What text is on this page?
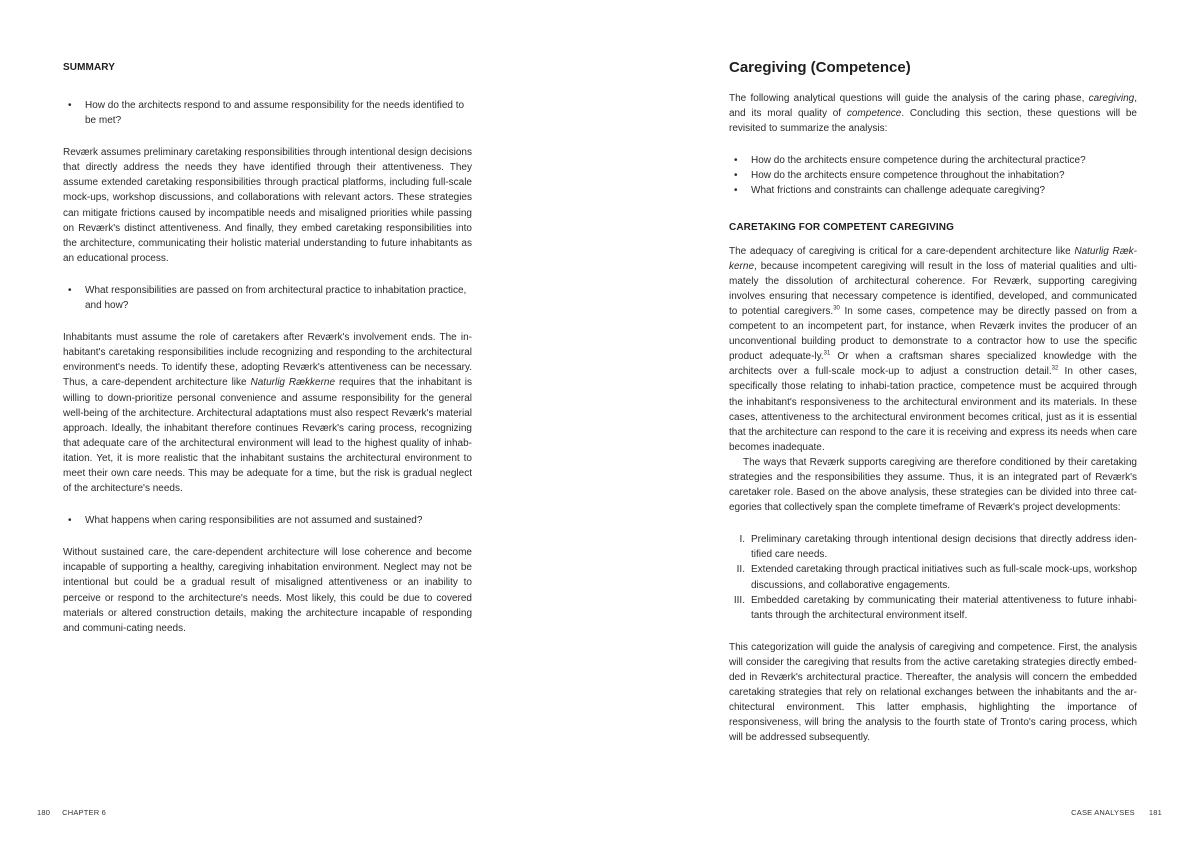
SUMMARY
• How do the architects respond to and assume responsibility for the needs identified to be met?

Reværk assumes preliminary caretaking responsibilities through intentional design decisions that directly address the needs they have identified through their attentiveness. They assume extended caretaking responsibilities through practical platforms, including full-scale mock-ups, workshop discussions, and collaborations with relevant actors. These strategies can mitigate frictions caused by incompatible needs and misaligned priorities while passing on Reværk's distinct attentiveness. And finally, they embed caretaking responsibilities into the architecture, communicating their holistic material understanding to future inhabitants as an educational process.

• What responsibilities are passed on from architectural practice to inhabitation practice, and how?

Inhabitants must assume the role of caretakers after Reværk's involvement ends. The in-habitant's caretaking responsibilities include recognizing and responding to the architectural environment's needs. To identify these, adopting Reværk's attentiveness can be necessary. Thus, a care-dependent architecture like Naturlig Rækkerne requires that the inhabitant is willing to down-prioritize personal convenience and assume responsibility for the general well-being of the architecture. Architectural adaptations must also respect Reværk's material approach. Ideally, the inhabitant therefore continues Reværk's caring process, recognizing that adequate care of the architectural environment will lead to the highest quality of inhab-itation. Yet, it is more realistic that the inhabitant sustains the architectural environment to meet their own care needs. This may be adequate for a time, but the risk is gradual neglect of the architecture's needs.

• What happens when caring responsibilities are not assumed and sustained?

Without sustained care, the care-dependent architecture will lose coherence and become incapable of supporting a healthy, caregiving inhabitation environment. Neglect may not be intentional but could be a gradual result of misaligned attentiveness or an inability to perceive or respond to the architecture's needs. Most likely, this could be due to covered materials or altered construction details, making the architecture incapable of responding and communi-cating needs.

180 CHAPTER 6
Caregiving (Competence)

The following analytical questions will guide the analysis of the caring phase, caregiving, and its moral quality of competence. Concluding this section, these questions will be revisited to summarize the analysis:

• How do the architects ensure competence during the architectural practice?
• How do the architects ensure competence throughout the inhabitation?
• What frictions and constraints can challenge adequate caregiving?
CARETAKING FOR COMPETENT CAREGIVING

The adequacy of caregiving is critical for a care-dependent architecture like Naturlig Ræk-kerne, because incompetent caregiving will result in the loss of material qualities and ulti-mately the dissolution of architectural coherence. For Reværk, supporting caregiving involves ensuring that necessary competence is identified, developed, and communicated to potential caregivers.$^{30}$ In some cases, competence may be directly passed on from a competent to an incompetent part, for instance, when Reværk invites the producer of an unconventional building product to demonstrate to a contractor how to use the specific product adequate-ly.$^{31}$ Or when a craftsman shares specialized knowledge with the architects over a full-scale mock-up to adjust a construction detail.$^{32}$ In other cases, specifically those relating to inhabi-tation practice, competence must be acquired through the inhabitant's responsiveness to the architectural environment and its materials. In these cases, attentiveness to the architectural environment becomes critical, just as it is essential that the architecture can respond to the care it is receiving and express its needs when care becomes inadequate.

The ways that Reværk supports caregiving are therefore conditioned by their caretaking strategies and the responsibilities they assume. Thus, it is an integrated part of Reværk's caretaker role. Based on the above analysis, these strategies can be divided into three cat-egories that collectively span the complete timeframe of Reværk's project developments:

I. Preliminary caretaking through intentional design decisions that directly address iden-tified care needs.
II. Extended caretaking through practical initiatives such as full-scale mock-ups, workshop discussions, and collaborative engagements.
III. Embedded caretaking by communicating their material attentiveness to future inhabi-tants through the architectural environment itself.

This categorization will guide the analysis of caregiving and competence. First, the analysis will consider the caregiving that results from the active caretaking strategies directly embed-ded in Reværk's architectural practice. Thereafter, the analysis will concern the embedded caretaking strategies that rely on relational exchanges between the inhabitants and the ar-chitectural environment. This latter emphasis, highlighting the importance of responsiveness, will bring the analysis to the fourth state of Tronto's caring process, which will be addressed subsequently.

CASE ANALYSES 181
